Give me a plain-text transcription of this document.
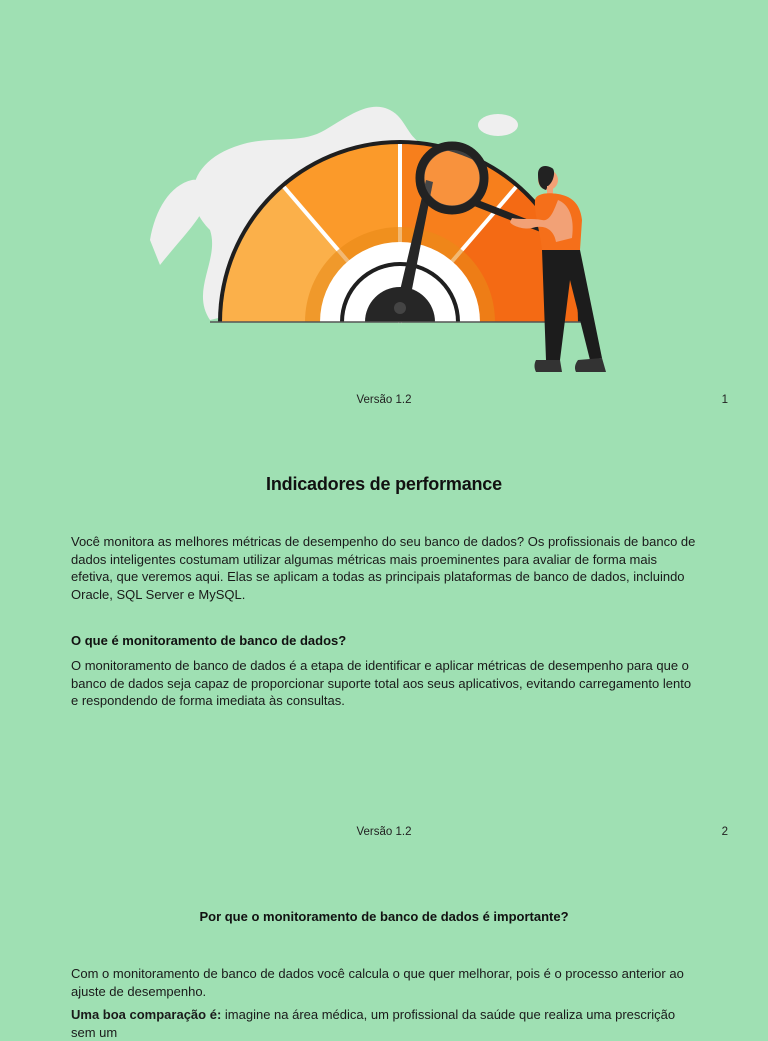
Versão 1.2	1
Indicadores de performance

Você monitora as melhores métricas de desempenho do seu banco de dados? Os profissionais de banco de dados inteligentes costumam utilizar algumas métricas mais proeminentes para avaliar de forma mais efetiva, que veremos aqui. Elas se aplicam a todas as principais plataformas de banco de dados, incluindo Oracle, SQL Server e MySQL.

O que é monitoramento de banco de dados?

O monitoramento de banco de dados é a etapa de identificar e aplicar métricas de desempenho para que o banco de dados seja capaz de proporcionar suporte total aos seus aplicativos, evitando carregamento lento e respondendo de forma imediata às consultas.

Versão 1.2	2

Por que o monitoramento de banco de dados é importante?

Com o monitoramento de banco de dados você calcula o que quer melhorar, pois é o processo anterior ao ajuste de desempenho.

Uma boa comparação é: imagine na área médica, um profissional da saúde que realiza uma prescrição sem um
